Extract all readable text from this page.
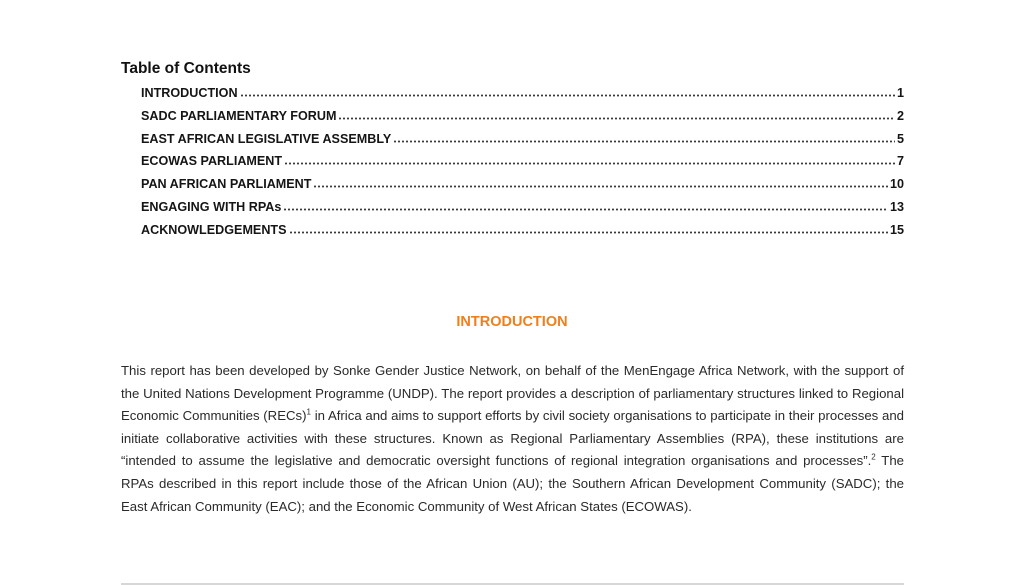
Table of Contents
INTRODUCTION	1
SADC PARLIAMENTARY FORUM	2
EAST AFRICAN LEGISLATIVE ASSEMBLY	5
ECOWAS PARLIAMENT	7
PAN AFRICAN PARLIAMENT	10
ENGAGING WITH RPAs	13
ACKNOWLEDGEMENTS	15
INTRODUCTION

This report has been developed by Sonke Gender Justice Network, on behalf of the MenEngage Africa Network, with the support of the United Nations Development Programme (UNDP). The report provides a description of parliamentary structures linked to Regional Economic Communities (RECs)$^1$ in Africa and aims to support efforts by civil society organisations to participate in their processes and initiate collaborative activities with these structures. Known as Regional Parliamentary Assemblies (RPA), these institutions are “intended to assume the legislative and democratic oversight functions of regional integration organisations and processes”.$^2$ The RPAs described in this report include those of the African Union (AU); the Southern African Development Community (SADC); the East African Community (EAC); and the Economic Community of West African States (ECOWAS).
